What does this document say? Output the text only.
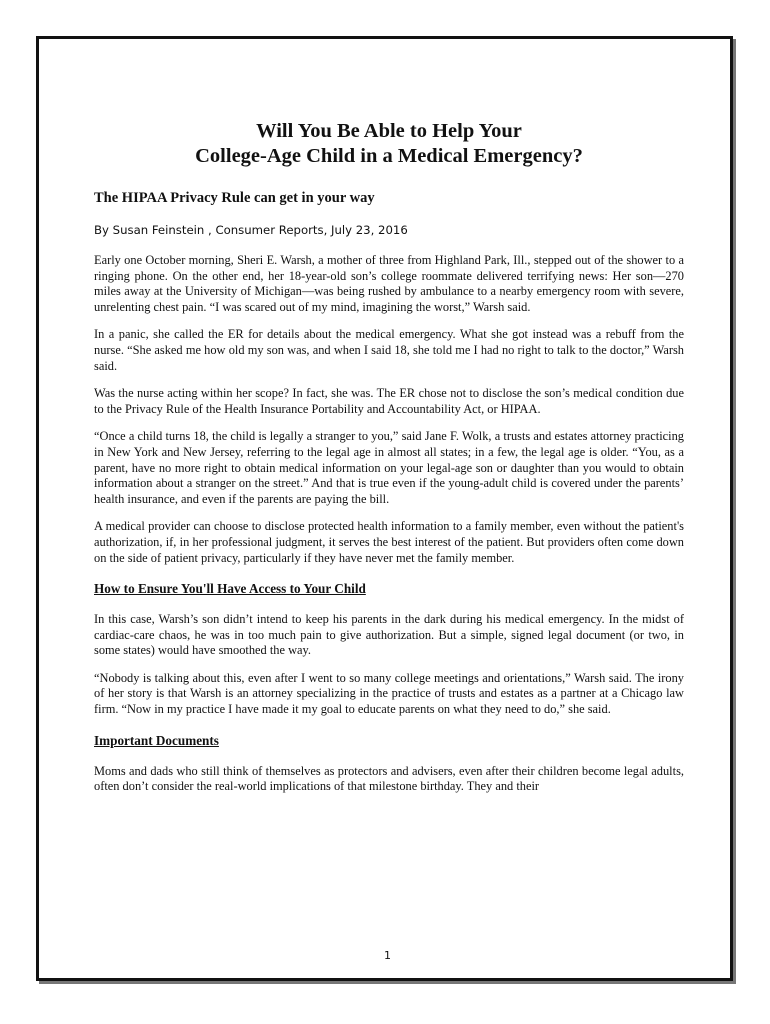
Will You Be Able to Help Your
College-Age Child in a Medical Emergency?
The HIPAA Privacy Rule can get in your way
By Susan Feinstein , Consumer Reports, July 23, 2016

Early one October morning, Sheri E. Warsh, a mother of three from Highland Park, Ill., stepped out of the shower to a ringing phone. On the other end, her 18-year-old son’s college roommate delivered terrifying news: Her son—270 miles away at the University of Michigan—was being rushed by ambulance to a nearby emergency room with severe, unrelenting chest pain. “I was scared out of my mind, imagining the worst,” Warsh said.

In a panic, she called the ER for details about the medical emergency. What she got instead was a rebuff from the nurse. “She asked me how old my son was, and when I said 18, she told me I had no right to talk to the doctor,” Warsh said.

Was the nurse acting within her scope? In fact, she was. The ER chose not to disclose the son’s medical condition due to the Privacy Rule of the Health Insurance Portability and Accountability Act, or HIPAA.

“Once a child turns 18, the child is legally a stranger to you,” said Jane F. Wolk, a trusts and estates attorney practicing in New York and New Jersey, referring to the legal age in almost all states; in a few, the legal age is older. “You, as a parent, have no more right to obtain medical information on your legal-age son or daughter than you would to obtain information about a stranger on the street.” And that is true even if the young-adult child is covered under the parents’ health insurance, and even if the parents are paying the bill.

A medical provider can choose to disclose protected health information to a family member, even without the patient's authorization, if, in her professional judgment, it serves the best interest of the patient. But providers often come down on the side of patient privacy, particularly if they have never met the family member.

How to Ensure You'll Have Access to Your Child

In this case, Warsh’s son didn’t intend to keep his parents in the dark during his medical emergency. In the midst of cardiac-care chaos, he was in too much pain to give authorization. But a simple, signed legal document (or two, in some states) would have smoothed the way.

“Nobody is talking about this, even after I went to so many college meetings and orientations,” Warsh said. The irony of her story is that Warsh is an attorney specializing in the practice of trusts and estates as a partner at a Chicago law firm. “Now in my practice I have made it my goal to educate parents on what they need to do,” she said.

Important Documents

Moms and dads who still think of themselves as protectors and advisers, even after their children become legal adults, often don’t consider the real-world implications of that milestone birthday. They and their

1
